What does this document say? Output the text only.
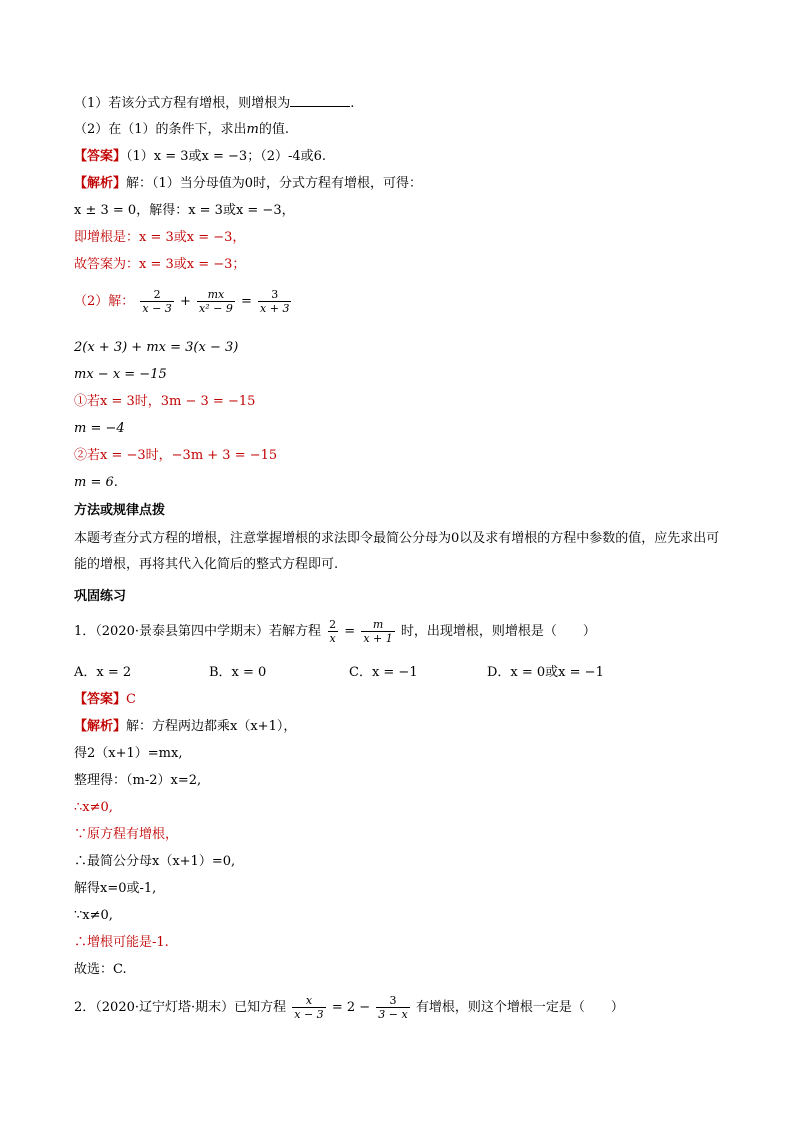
（1）若该分式方程有增根，则增根为	.
（2）在（1）的条件下，求出m的值.
【答案】（1）x = 3或x = −3；（2）-4或6.
【解析】解：（1）当分母值为0时，分式方程有增根，可得：
x ± 3 = 0，解得：x = 3或x = −3，
即增根是：x = 3或x = −3，
故答案为：x = 3或x = −3；
（2）解： $\frac{2}{x - 3} + \frac{mx}{\text{x² − 9}} = \frac{3}{x + 3}$
2(x + 3) + mx = 3(x − 3)
mx − x = −15
①若x = 3时，3m − 3 = −15
m = −4
②若x = −3时，−3m + 3 = −15
m = 6.
方法或规律点拨
本题考查分式方程的增根，注意掌握增根的求法即令最简公分母为0以及求有增根的方程中参数的值，应先求出可能的增根，再将其代入化简后的整式方程即可.
巩固练习
1．（2020·景泰县第四中学期末）若解方程 $\frac{2}{x} = \frac{m}{x + 1}$ 时，出现增根，则增根是（　　）
A．x = 2	B．x = 0	C．x = −1	D．x = 0或x = −1
【答案】C
【解析】解：方程两边都乘x（x+1），
得2（x+1）=mx,
整理得：（m-2）x=2,
∴x≠0,
∵原方程有增根，
∴最简公分母x（x+1）=0,
解得x=0或-1,
∵x≠0,
∴增根可能是-1.
故选：C.
2．（2020·辽宁灯塔·期末）已知方程 $\frac{x}{x - 3} = 2 - \frac{3}{3 - x}$ 有增根，则这个增根一定是（　　）
